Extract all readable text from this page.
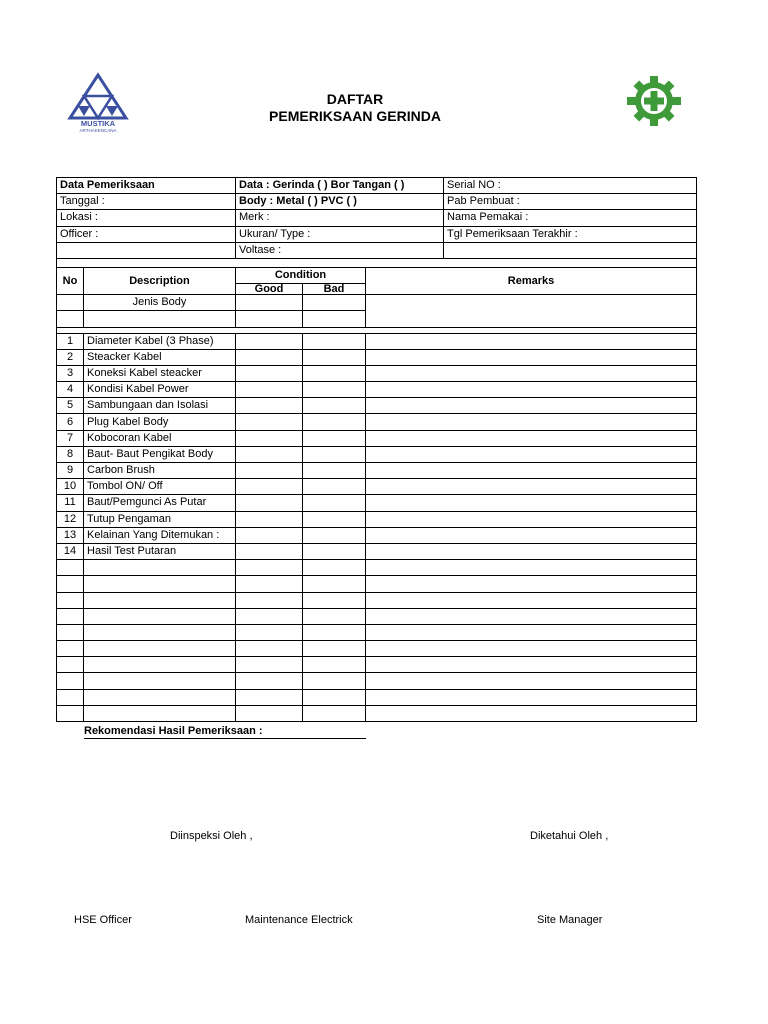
MUSTIKA
ARTHAKENCANA
DAFTAR
PEMERIKSAAN GERINDA
Data Pemeriksaan		Data : Gerinda ( ) Bor Tangan ( )			Serial NO :
Tanggal :		Body : Metal ( ) PVC ( )			Pab Pembuat :
Lokasi :		Merk :			Nama Pemakai :
Officer :		Ukuran/ Type :			Tgl Pemeriksaan Terakhir :
		Voltase :			

No	Description	Condition		Remarks	
		Good	Bad		
	Jenis Body				

1	Diameter Kabel (3 Phase)				
2	Steacker Kabel				
3	Koneksi Kabel steacker				
4	Kondisi Kabel Power				
5	Sambungaan dan Isolasi				
6	Plug Kabel Body				
7	Kobocoran Kabel				
8	Baut- Baut Pengikat Body				
9	Carbon Brush				
10	Tombol ON/ Off				
11	Baut/Pemgunci As Putar				
12	Tutup Pengaman				
13	Kelainan Yang Ditemukan :				
14	Hasil Test Putaran				

Rekomendasi Hasil Pemeriksaan :
Diinspeksi Oleh ,	Diketahui Oleh ,
HSE Officer	Maintenance Electrick	Site Manager
